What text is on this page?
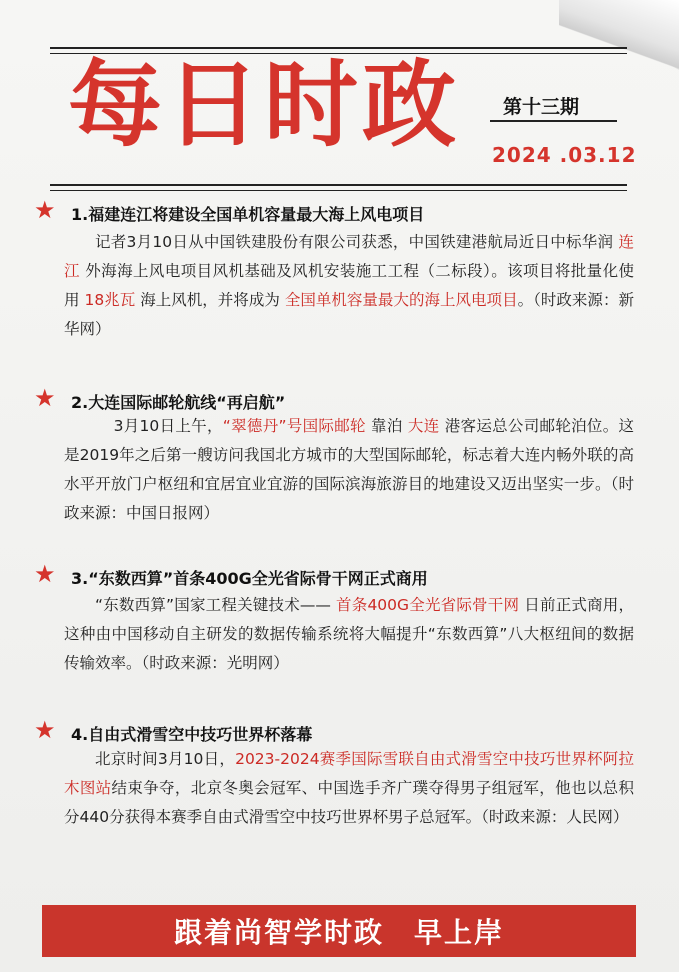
每日时政 第十三期
2024 .03.12
★ 1.福建连江将建设全国单机容量最大海上风电项目
记者3月10日从中国铁建股份有限公司获悉，中国铁建港航局近日中标华润 连江 外海海上风电项目风机基础及风机安装施工工程（二标段）。该项目将批量化使用 18兆瓦 海上风机，并将成为 全国单机容量最大的海上风电项目。（时政来源：新华网）
★ 2.大连国际邮轮航线“再启航”
3月10日上午，“翠德丹”号国际邮轮 靠泊 大连 港客运总公司邮轮泊位。这是2019年之后第一艘访问我国北方城市的大型国际邮轮，标志着大连内畅外联的高水平开放门户枢纽和宜居宜业宜游的国际滨海旅游目的地建设又迈出坚实一步。（时政来源：中国日报网）
★ 3.“东数西算”首条400G全光省际骨干网正式商用
“东数西算”国家工程关键技术—— 首条400G全光省际骨干网 日前正式商用，这种由中国移动自主研发的数据传输系统将大幅提升“东数西算”八大枢纽间的数据传输效率。（时政来源：光明网）
★ 4.自由式滑雪空中技巧世界杯落幕
北京时间3月10日，2023-2024赛季国际雪联自由式滑雪空中技巧世界杯阿拉木图站结束争夺，北京冬奥会冠军、中国选手齐广璞夺得男子组冠军，他也以总积分440分获得本赛季自由式滑雪空中技巧世界杯男子总冠军。（时政来源：人民网）
跟着尚智学时政 早上岸
